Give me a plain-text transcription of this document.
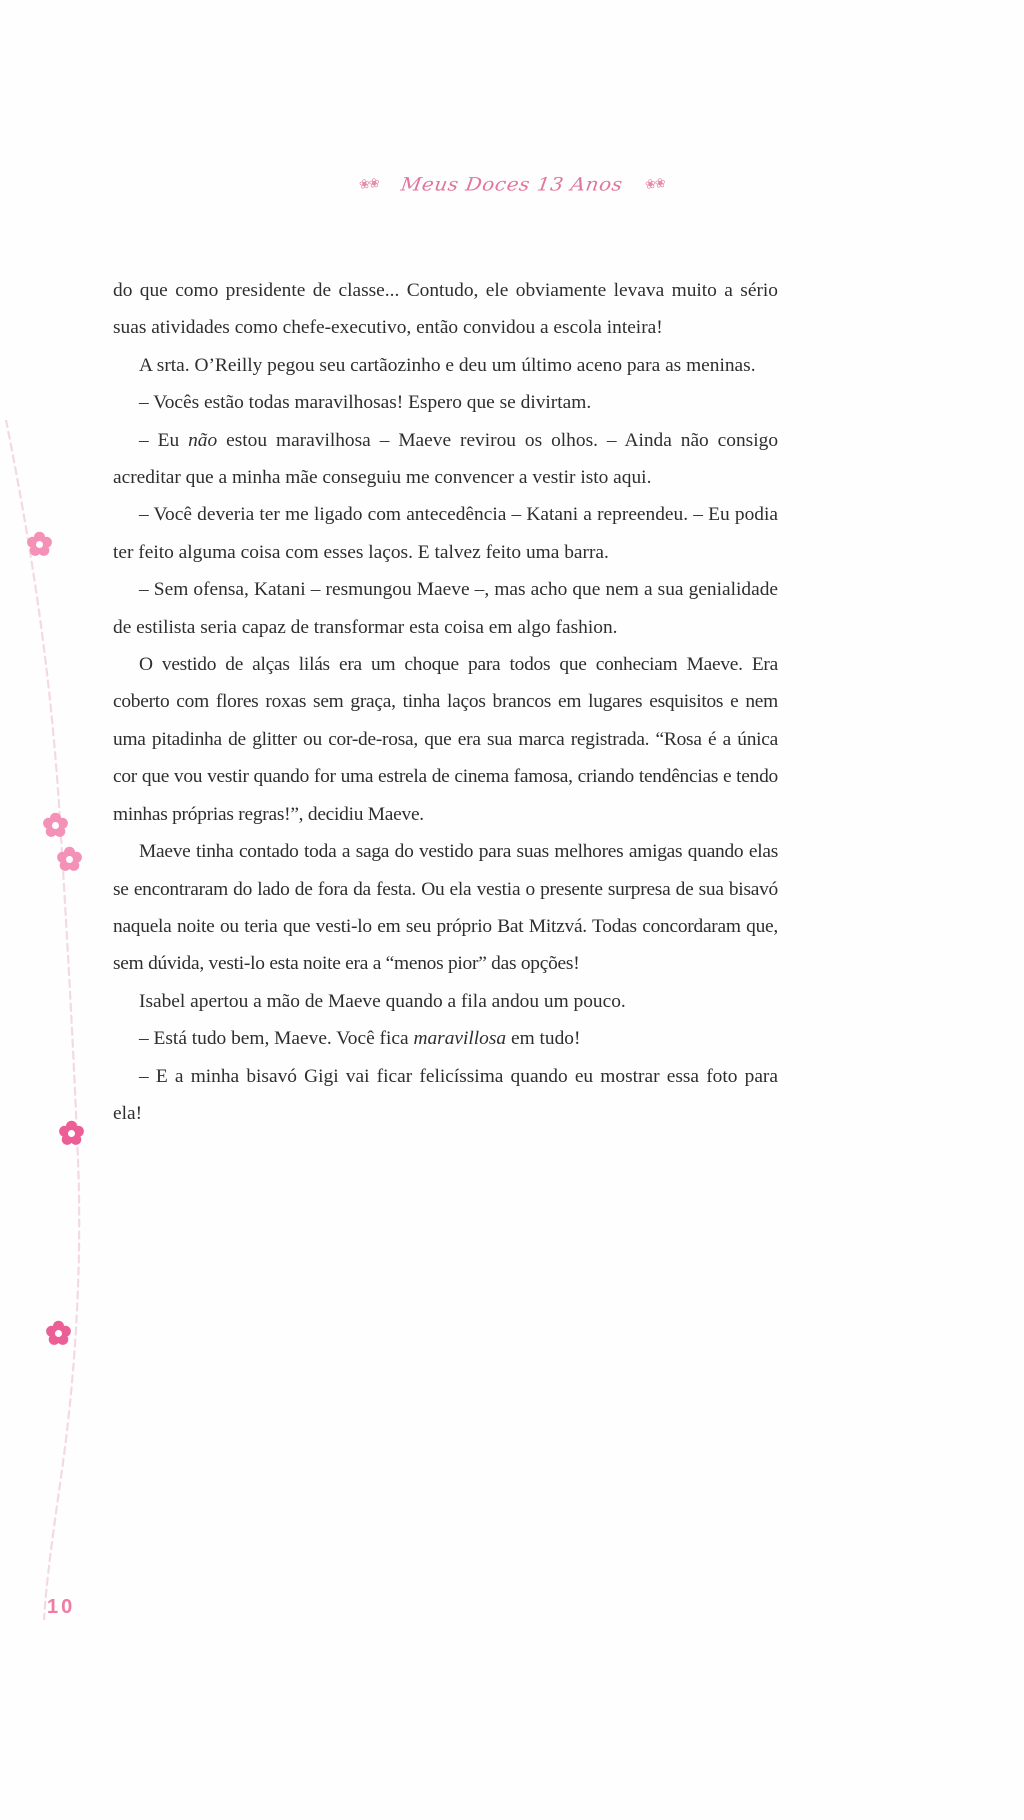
❀❀ Meus Doces 13 Anos ❀❀

do que como presidente de classe... Contudo, ele obviamente levava muito a sério suas atividades como chefe-executivo, então convidou a escola inteira!

A srta. O’Reilly pegou seu cartãozinho e deu um último aceno para as meninas.

– Vocês estão todas maravilhosas! Espero que se divirtam.

– Eu não estou maravilhosa – Maeve revirou os olhos. – Ainda não consigo acreditar que a minha mãe conseguiu me convencer a vestir isto aqui.

– Você deveria ter me ligado com antecedência – Katani a repreendeu. – Eu podia ter feito alguma coisa com esses laços. E talvez feito uma barra.

– Sem ofensa, Katani – resmungou Maeve –, mas acho que nem a sua genialidade de estilista seria capaz de transformar esta coisa em algo fashion.

O vestido de alças lilás era um choque para todos que conheciam Maeve. Era coberto com flores roxas sem graça, tinha laços brancos em lugares esquisitos e nem uma pitadinha de glitter ou cor-de-rosa, que era sua marca registrada. “Rosa é a única cor que vou vestir quando for uma estrela de cinema famosa, criando tendências e tendo minhas próprias regras!”, decidiu Maeve.

Maeve tinha contado toda a saga do vestido para suas melhores amigas quando elas se encontraram do lado de fora da festa. Ou ela vestia o presente surpresa de sua bisavó naquela noite ou teria que vesti-lo em seu próprio Bat Mitzvá. Todas concordaram que, sem dúvida, vesti-lo esta noite era a “menos pior” das opções!

Isabel apertou a mão de Maeve quando a fila andou um pouco.

– Está tudo bem, Maeve. Você fica maravillosa em tudo!

– E a minha bisavó Gigi vai ficar felicíssima quando eu mostrar essa foto para ela!

10
